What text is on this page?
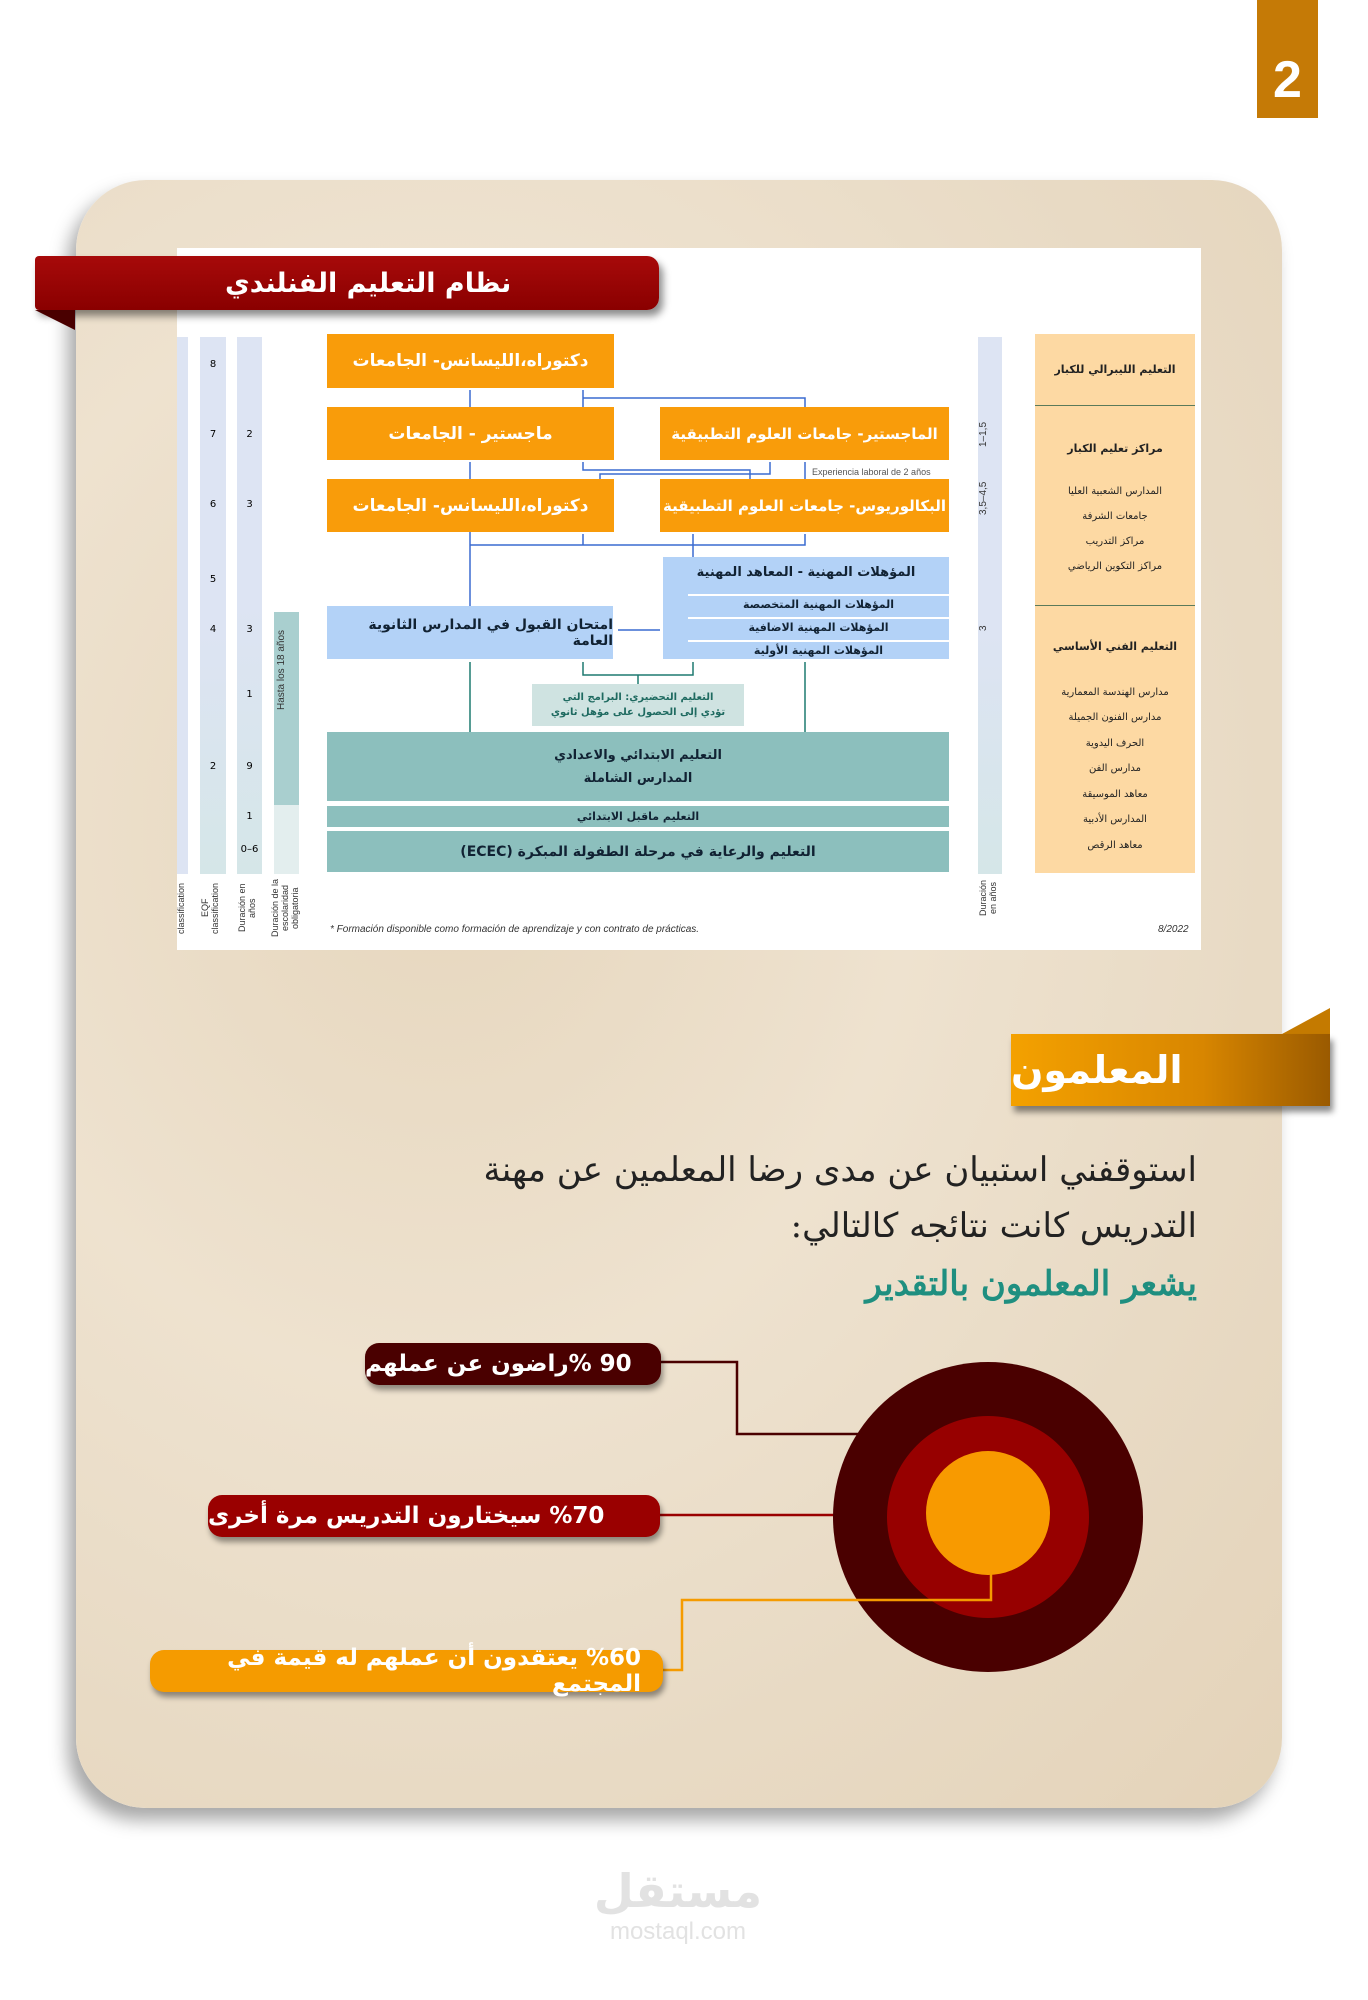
2
Hasta los 18 años
8
7
6
5
4
2
2
3
3
1
9
1
0–6
classification EQF classification	Duración en años	Duración de la escolaridad obligatoria
نظام التعليم الفنلندي
دكتوراه،الليسانس- الجامعات
ماجستير - الجامعات	الماجستير- جامعات العلوم التطبيقية
دكتوراه،الليسانس- الجامعات	البكالوريوس- جامعات العلوم التطبيقية
Experiencia laboral de 2 años
امتحان القبول في المدارس الثانوية العامة
المؤهلات المهنية - المعاهد المهنية
المؤهلات المهنية المتخصصة
المؤهلات المهنية الاضافية
المؤهلات المهنية الأولية
التعليم التحضيري: البرامج التي
تؤدي إلى الحصول على مؤهل ثانوي
التعليم الابتدائي والاعدادي
المدارس الشاملة
التعليم ماقبل الابتدائي
التعليم والرعاية في مرحلة الطفولة المبكرة (ECEC)
* Formación disponible como formación de aprendizaje y con contrato de prácticas.	8/2022
1–1,5
3,5–4,5
3
Duración en años
التعليم الليبرالي للكبار
مراكز تعليم الكبار
المدارس الشعبية العليا
جامعات الشرفة
مراكز التدريب
مراكز التكوين الرياضي
التعليم الفني الأساسي
مدارس الهندسة المعمارية
مدارس الفنون الجميلة
الحرف اليدوية
مدارس الفن
معاهد الموسيقة
المدارس الأدبية
معاهد الرقص
المعلمون
استوقفني استبيان عن مدى رضا المعلمين عن مهنة
التدريس كانت نتائجه كالتالي:
يشعر المعلمون بالتقدير
90 %راضون عن عملهم
%70 سيختارون التدريس مرة أخرى
%60 يعتقدون أن عملهم له قيمة في المجتمع
مستقل
mostaql.com
